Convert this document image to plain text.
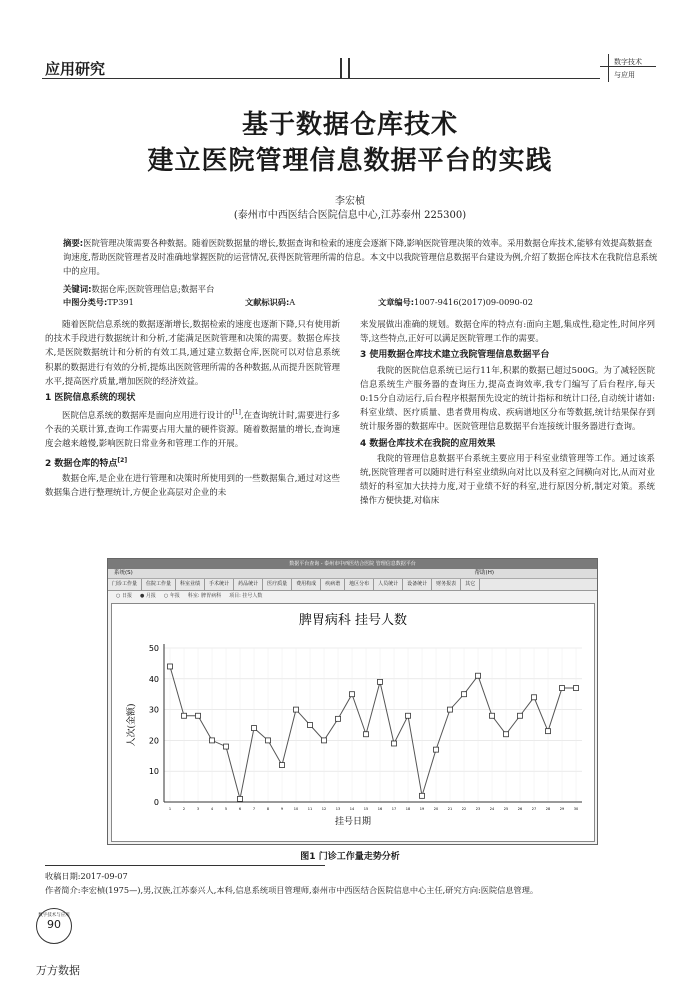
应用研究	数字技术
与应用
基于数据仓库技术
建立医院管理信息数据平台的实践
李宏楨
(泰州市中西医结合医院信息中心,江苏泰州 225300)
摘要:医院管理决策需要各种数据。随着医院数据量的增长,数据查询和检索的速度会逐渐下降,影响医院管理决策的效率。采用数据仓库技术,能够有效提高数据查询速度,帮助医院管理者及时准确地掌握医院的运营情况,获得医院管理所需的信息。本文中以我院管理信息数据平台建设为例,介绍了数据仓库技术在我院信息系统中的应用。
关键词:数据仓库;医院管理信息;数据平台
中图分类号:TP391	文献标识码:A	文章编号:1007-9416(2017)09-0090-02

随着医院信息系统的数据逐渐增长,数据检索的速度也逐渐下降,只有使用新的技术手段进行数据统计和分析,才能满足医院管理和决策的需要。数据仓库技术,是医院数据统计和分析的有效工具,通过建立数据仓库,医院可以对信息系统积累的数据进行有效的分析,提炼出医院管理所需的各种数据,从而提升医院管理水平,提高医疗质量,增加医院的经济效益。

1 医院信息系统的现状

医院信息系统的数据库是面向应用进行设计的[1],在查询统计时,需要进行多个表的关联计算,查询工作需要占用大量的硬件资源。随着数据量的增长,查询速度会越来越慢,影响医院日常业务和管理工作的开展。

2 数据仓库的特点[2]

数据仓库,是企业在进行管理和决策时所使用到的一些数据集合,通过对这些数据集合进行整理统计,方便企业高层对企业的未

来发展做出准确的规划。数据仓库的特点有:面向主题,集成性,稳定性,时间序列等,这些特点,正好可以满足医院管理工作的需要。

3 使用数据仓库技术建立我院管理信息数据平台

我院的医院信息系统已运行11年,积累的数据已超过500G。为了减轻医院信息系统生产服务器的查询压力,提高查询效率,我专门编写了后台程序,每天0:15分自动运行,后台程序根据预先设定的统计指标和统计口径,自动统计诸如:科室业绩、医疗质量、患者费用构成、疾病谱地区分布等数据,统计结果保存到统计服务器的数据库中。医院管理信息数据平台连接统计服务器进行查询。

4 数据仓库技术在我院的应用效果

我院的管理信息数据平台系统主要应用于科室业绩管理等工作。通过该系统,医院管理者可以随时进行科室业绩纵向对比以及科室之间横向对比,从而对业绩好的科室加大扶持力度,对于业绩不好的科室,进行原因分析,制定对策。系统操作方便快捷,对临床

数据平台查询 - 泰州市中西医结合医院 管理信息数据平台
系统(S)	帮助(H)
门诊工作量 住院工作量 科室业绩 手术统计 药品统计 医疗质量 费用构成 疾病谱 地区分布 人员统计 设备统计 财务报表 其它
○ 日报 ● 月报 ○ 年报 科室: 脾胃病科 项目: 挂号人数
脾胃病科 挂号人数
0
10
20
30
40
50
1	2	3	4	5	6	7	8	9	10	11	12	13	14	15	16	17	18	19	20	21	22	23	24	25	26	27	28	29	30
挂号日期
人次(金额)
图1 门诊工作量走势分析
收稿日期:2017-09-07
作者简介:李宏楨(1975—),男,汉族,江苏泰兴人,本科,信息系统项目管理师,泰州市中西医结合医院信息中心主任,研究方向:医院信息管理。
数字技术与应用
90
万方数据
